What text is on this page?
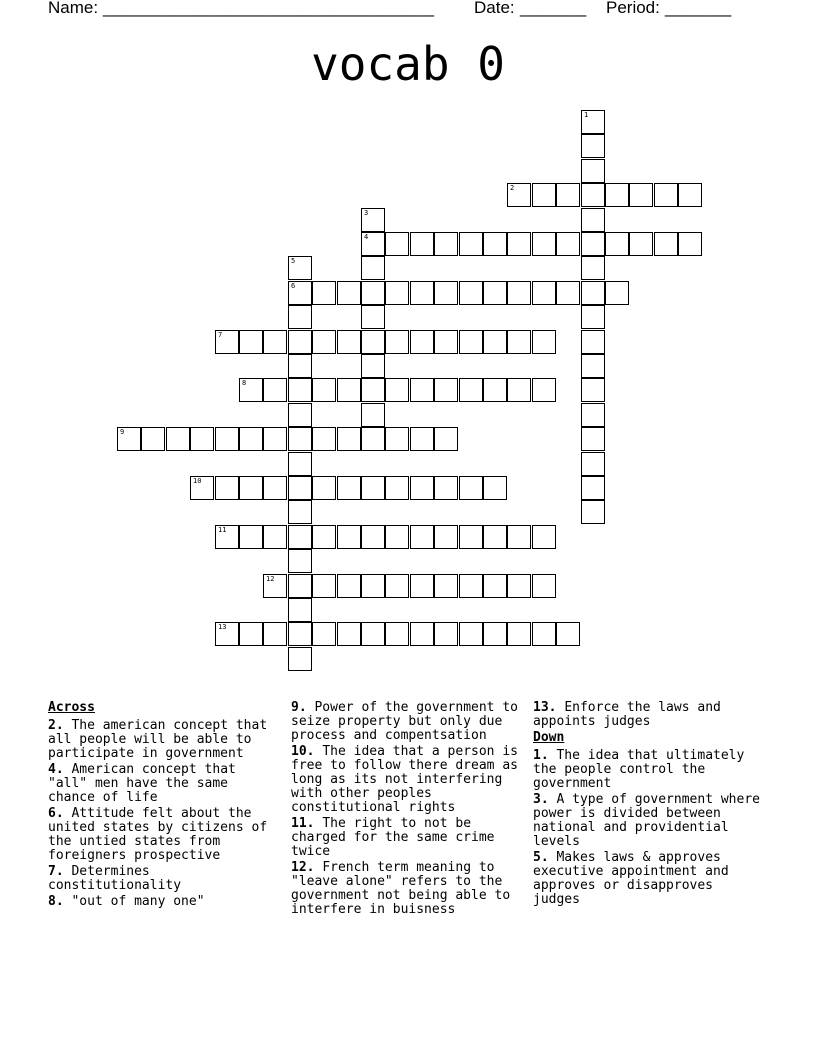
Name: ___________________________________ Date: _______ Period: _______
vocab 0
1
2
3
4
5
6
7
8
9
10
11
12
13
Across
2. The american concept that all people will be able to participate in government
4. American concept that "all" men have the same chance of life
6. Attitude felt about the united states by citizens of the untied states from foreigners prospective
7. Determines constitutionality
8. "out of many one"
9. Power of the government to seize property but only due process and compentsation
10. The idea that a person is free to follow there dream as long as its not interfering with other peoples constitutional rights
11. The right to not be charged for the same crime twice
12. French term meaning to "leave alone" refers to the government not being able to interfere in buisness
13. Enforce the laws and appoints judges
Down
1. The idea that ultimately the people control the government
3. A type of government where power is divided between national and providential levels
5. Makes laws & approves executive appointment and approves or disapproves judges
